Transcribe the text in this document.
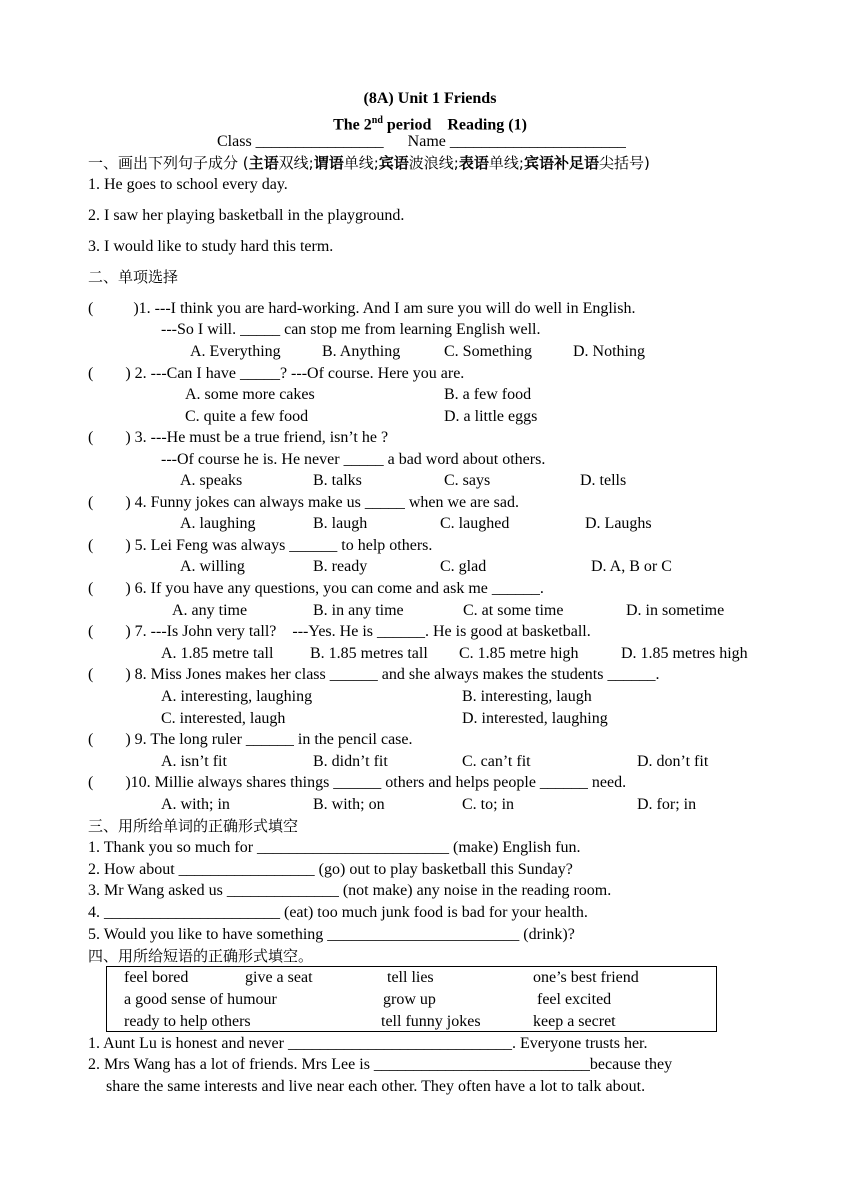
(8A) Unit 1 Friends
The 2nd period    Reading (1)
Class ________________      Name ______________________
一、画出下列句子成分 (主语双线;谓语单线;宾语波浪线;表语单线;宾语补足语尖括号)
1. He goes to school every day.
2. I saw her playing basketball in the playground.
3. I would like to study hard this term.
二、单项选择
(          )1. ---I think you are hard-working. And I am sure you will do well in English.
---So I will. _____ can stop me from learning English well.
A. Everything	B. Anything	C. Something	D. Nothing
(        ) 2. ---Can I have _____? ---Of course. Here you are.
A. some more cakes	B. a few food
C. quite a few food	D. a little eggs
(        ) 3. ---He must be a true friend, isn’t he ?
---Of course he is. He never _____ a bad word about others.
A. speaks	B. talks	C. says	D. tells
(        ) 4. Funny jokes can always make us _____ when we are sad.
A. laughing	B. laugh	C. laughed	D. Laughs
(        ) 5. Lei Feng was always ______ to help others.
A. willing	B. ready	C. glad	D. A, B or C
(        ) 6. If you have any questions, you can come and ask me ______.
A. any time	B. in any time	C. at some time	D. in sometime
(        ) 7. ---Is John very tall?    ---Yes. He is ______. He is good at basketball.
A. 1.85 metre tall B. 1.85 metres tall C. 1.85 metre high	D. 1.85 metres high
(        ) 8. Miss Jones makes her class ______ and she always makes the students ______.
A. interesting, laughing	B. interesting, laugh
C. interested, laugh	D. interested, laughing
(        ) 9. The long ruler ______ in the pencil case.
A. isn’t fit	B. didn’t fit	C. can’t fit	D. don’t fit
(        )10. Millie always shares things ______ others and helps people ______ need.
A. with; in	B. with; on	C. to; in	D. for; in
三、用所给单词的正确形式填空
1. Thank you so much for ________________________ (make) English fun.
2. How about _________________ (go) out to play basketball this Sunday?
3. Mr Wang asked us ______________ (not make) any noise in the reading room.
4. ______________________ (eat) too much junk food is bad for your health.
5. Would you like to have something ________________________ (drink)?
四、用所给短语的正确形式填空。
feel bored	give a seat	tell lies	one’s best friend
a good sense of humour	grow up	feel excited
ready to help others	tell funny jokes	keep a secret
1. Aunt Lu is honest and never ____________________________. Everyone trusts her.
2. Mrs Wang has a lot of friends. Mrs Lee is ___________________________because they
share the same interests and live near each other. They often have a lot to talk about.
